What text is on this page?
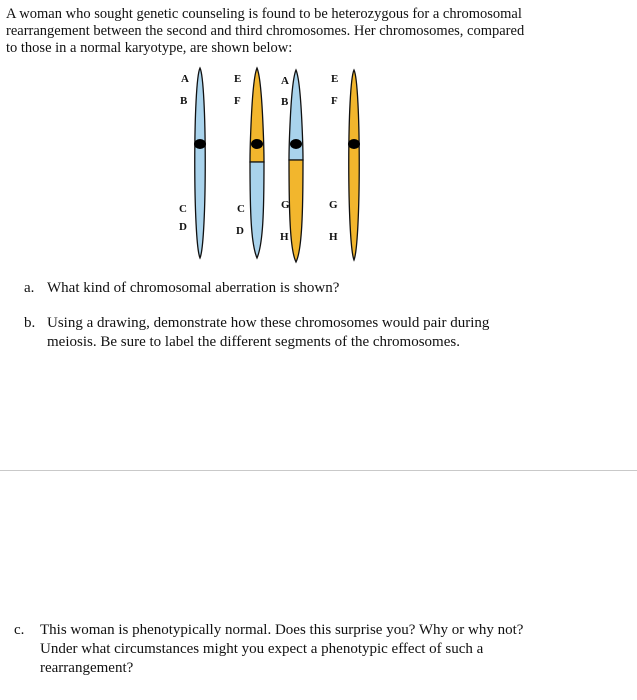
A woman who sought genetic counseling is found to be heterozygous for a chromosomal
rearrangement between the second and third chromosomes. Her chromosomes, compared
to those in a normal karyotype, are shown below:

A
B
C
D
E
F
C
D
A
B
G
H
E
F
G
H
a. What kind of chromosomal aberration is shown?
b. Using a drawing, demonstrate how these chromosomes would pair during
meiosis. Be sure to label the different segments of the chromosomes.
c. This woman is phenotypically normal. Does this surprise you? Why or why not?
Under what circumstances might you expect a phenotypic effect of such a
rearrangement?
